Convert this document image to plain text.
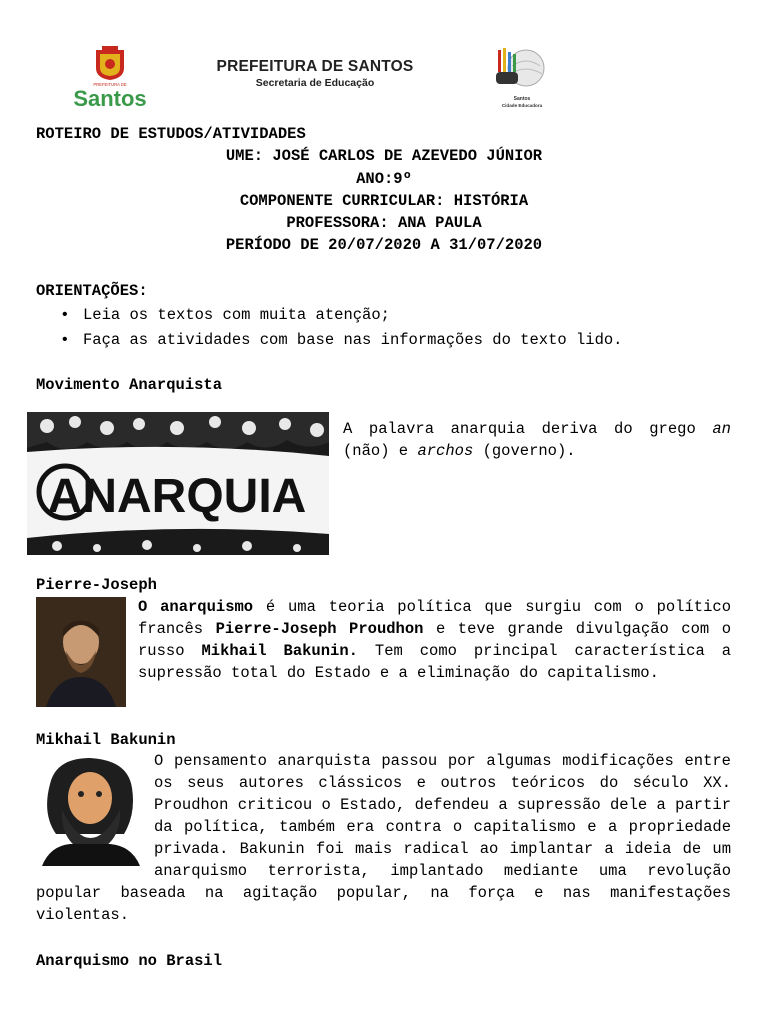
PREFEITURA DE
Santos
PREFEITURA DE SANTOS
Secretaria de Educação
Santos
Cidade Educadora
ROTEIRO DE ESTUDOS/ATIVIDADES
UME: JOSÉ CARLOS DE AZEVEDO JÚNIOR
ANO:9º
COMPONENTE CURRICULAR: HISTÓRIA
PROFESSORA: ANA PAULA
PERÍODO DE 20/07/2020 A 31/07/2020
ORIENTAÇÕES:
• Leia os textos com muita atenção;
• Faça as atividades com base nas informações do texto lido.
Movimento Anarquista
ANARQUIA
A palavra anarquia deriva do grego an (não) e archos (governo).
Pierre-Joseph
O anarquismo é uma teoria política que surgiu com o político francês Pierre-Joseph Proudhon e teve grande divulgação com o russo Mikhail Bakunin. Tem como principal característica a supressão total do Estado e a eliminação do capitalismo.
Mikhail Bakunin
O pensamento anarquista passou por algumas modificações entre os seus autores clássicos e outros teóricos do século XX. Proudhon criticou o Estado, defendeu a supressão dele a partir da política, também era contra o capitalismo e a propriedade privada. Bakunin foi mais radical ao implantar a ideia de um anarquismo terrorista, implantado mediante uma revolução popular baseada na agitação popular, na força e nas manifestações violentas.
Anarquismo no Brasil
